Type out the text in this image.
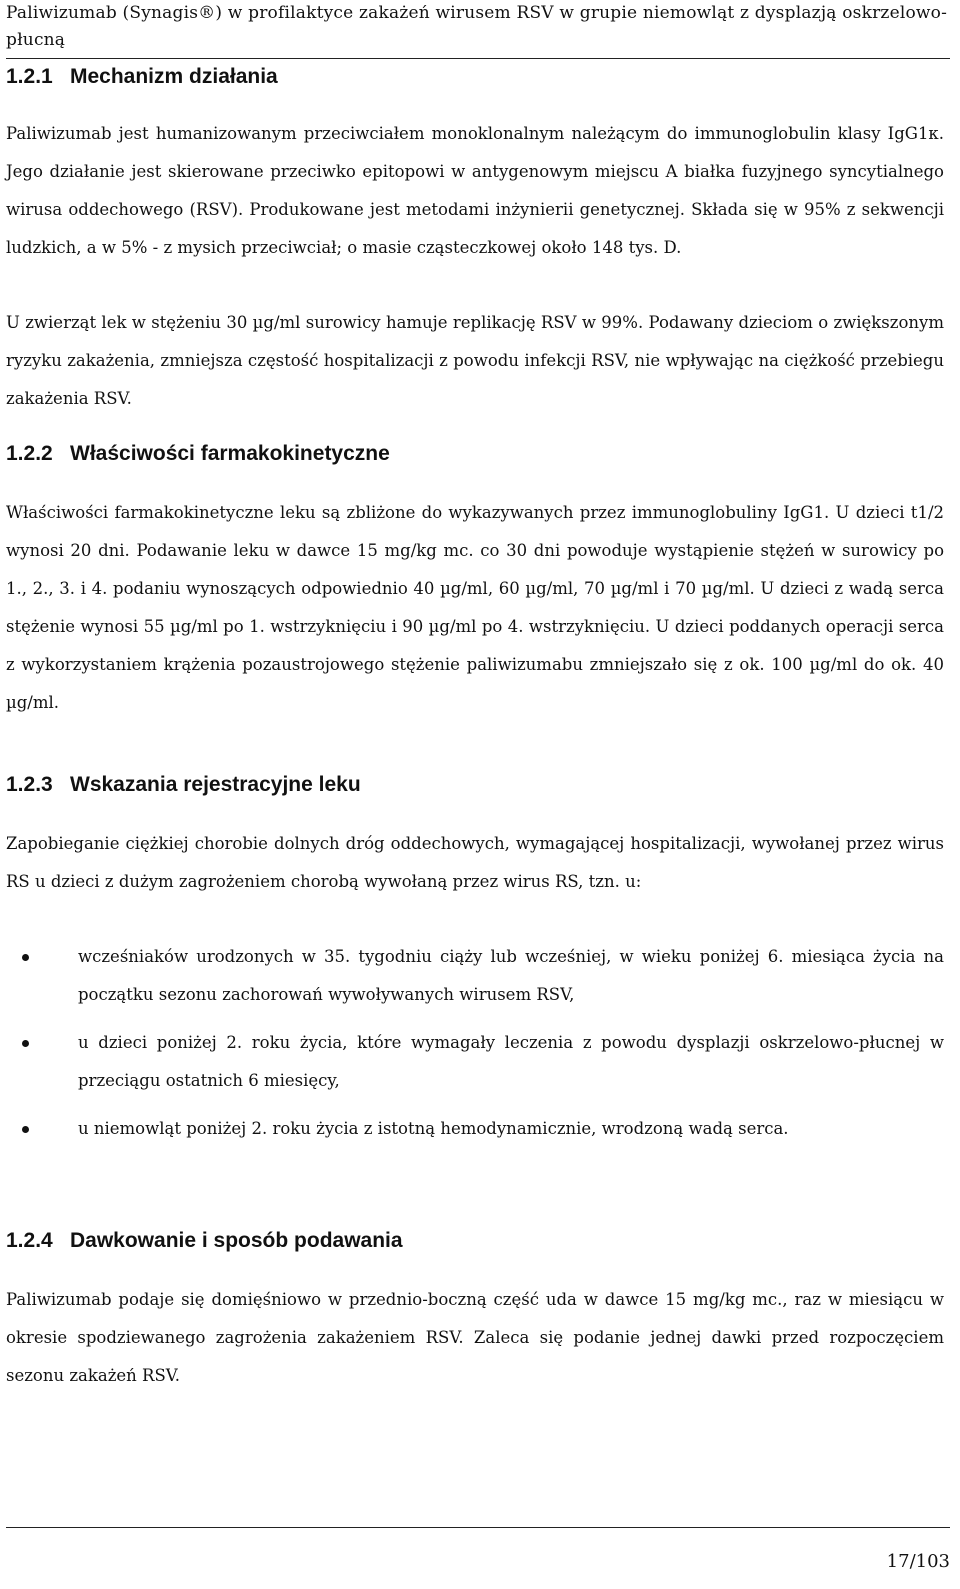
Paliwizumab (Synagis®) w profilaktyce zakażeń wirusem RSV w grupie niemowląt z dysplazją oskrzelowo-płucną
1.2.1 Mechanizm działania

Paliwizumab jest humanizowanym przeciwciałem monoklonalnym należącym do immunoglobulin klasy IgG1κ. Jego działanie jest skierowane przeciwko epitopowi w antygenowym miejscu A białka fuzyjnego syncytialnego wirusa oddechowego (RSV). Produkowane jest metodami inżynierii genetycznej. Składa się w 95% z sekwencji ludzkich, a w 5% - z mysich przeciwciał; o masie cząsteczkowej około 148 tys. D.

U zwierząt lek w stężeniu 30 µg/ml surowicy hamuje replikację RSV w 99%. Podawany dzieciom o zwiększonym ryzyku zakażenia, zmniejsza częstość hospitalizacji z powodu infekcji RSV, nie wpływając na ciężkość przebiegu zakażenia RSV.

1.2.2 Właściwości farmakokinetyczne

Właściwości farmakokinetyczne leku są zbliżone do wykazywanych przez immunoglobuliny IgG1. U dzieci t1/2 wynosi 20 dni. Podawanie leku w dawce 15 mg/kg mc. co 30 dni powoduje wystąpienie stężeń w surowicy po 1., 2., 3. i 4. podaniu wynoszących odpowiednio 40 µg/ml, 60 µg/ml, 70 µg/ml i 70 µg/ml. U dzieci z wadą serca stężenie wynosi 55 µg/ml po 1. wstrzyknięciu i 90 µg/ml po 4. wstrzyknięciu. U dzieci poddanych operacji serca z wykorzystaniem krążenia pozaustrojowego stężenie paliwizumabu zmniejszało się z ok. 100 µg/ml do ok. 40 µg/ml.

1.2.3 Wskazania rejestracyjne leku

Zapobieganie ciężkiej chorobie dolnych dróg oddechowych, wymagającej hospitalizacji, wywołanej przez wirus RS u dzieci z dużym zagrożeniem chorobą wywołaną przez wirus RS, tzn. u:

wcześniaków urodzonych w 35. tygodniu ciąży lub wcześniej, w wieku poniżej 6. miesiąca życia na początku sezonu zachorowań wywoływanych wirusem RSV,
u dzieci poniżej 2. roku życia, które wymagały leczenia z powodu dysplazji oskrzelowo-płucnej w przeciągu ostatnich 6 miesięcy,
u niemowląt poniżej 2. roku życia z istotną hemodynamicznie, wrodzoną wadą serca.
1.2.4 Dawkowanie i sposób podawania

Paliwizumab podaje się domięśniowo w przednio-boczną część uda w dawce 15 mg/kg mc., raz w miesiącu w okresie spodziewanego zagrożenia zakażeniem RSV. Zaleca się podanie jednej dawki przed rozpoczęciem sezonu zakażeń RSV.

17/103
